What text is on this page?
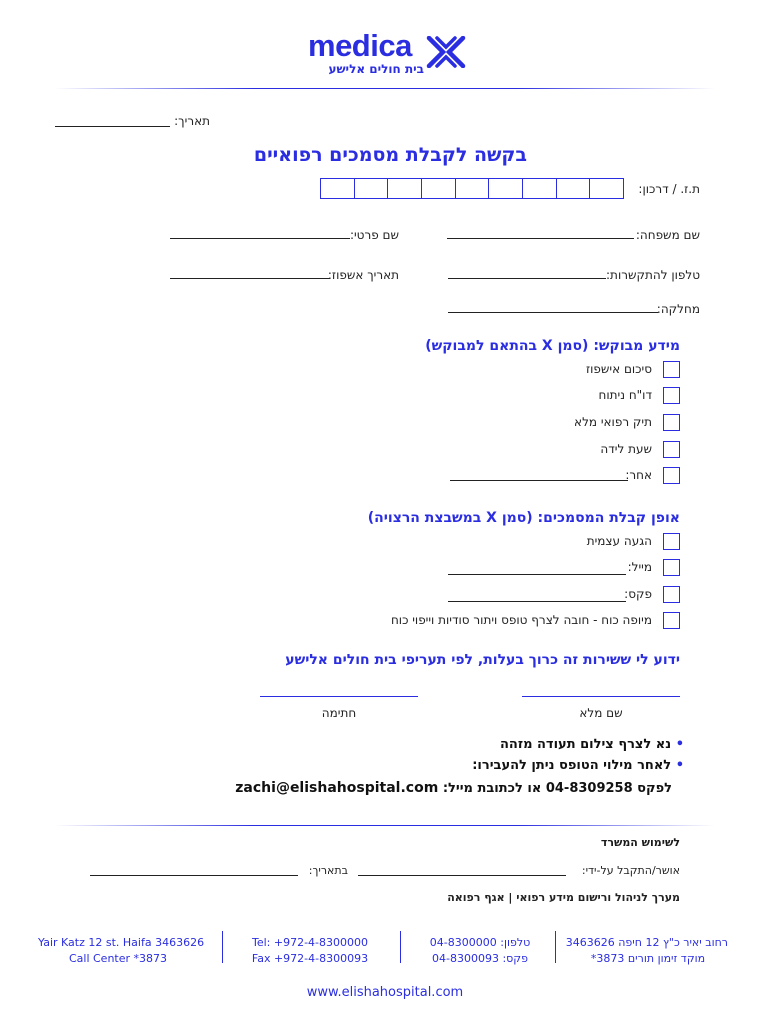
medica
בית חולים אלישע
תאריך:
בקשה לקבלת מסמכים רפואיים
ת.ז. / דרכון:
שם משפחה:
שם פרטי:
טלפון להתקשרות:
תאריך אשפוז:
מחלקה:
מידע מבוקש: (סמן X בהתאם למבוקש)
סיכום אישפוז
דו"ח ניתוח
תיק רפואי מלא
שעת לידה
אחר:
אופן קבלת המסמכים: (סמן X במשבצת הרצויה)
הגעה עצמית
מייל:
פקס:
מיופה כוח - חובה לצרף טופס ויתור סודיות וייפוי כוח
ידוע לי ששירות זה כרוך בעלות, לפי תעריפי בית חולים אלישע
שם מלא
חתימה
• נא לצרף צילום תעודה מזהה
• לאחר מילוי הטופס ניתן להעבירו:
לפקס 04-8309258 או לכתובת מייל: zachi@elishahospital.com
לשימוש המשרד
אושר/התקבל על-ידי:
בתאריך:
מערך לניהול ורישום מידע רפואי | אגף רפואה
רחוב יאיר כ"ץ 12 חיפה 3463626
מוקד זימון תורים 3873*
טלפון: 04-8300000
פקס: 04-8300093
Tel: +972-4-8300000
Fax +972-4-8300093
Yair Katz 12 st. Haifa 3463626
Call Center *3873
www.elishahospital.com
